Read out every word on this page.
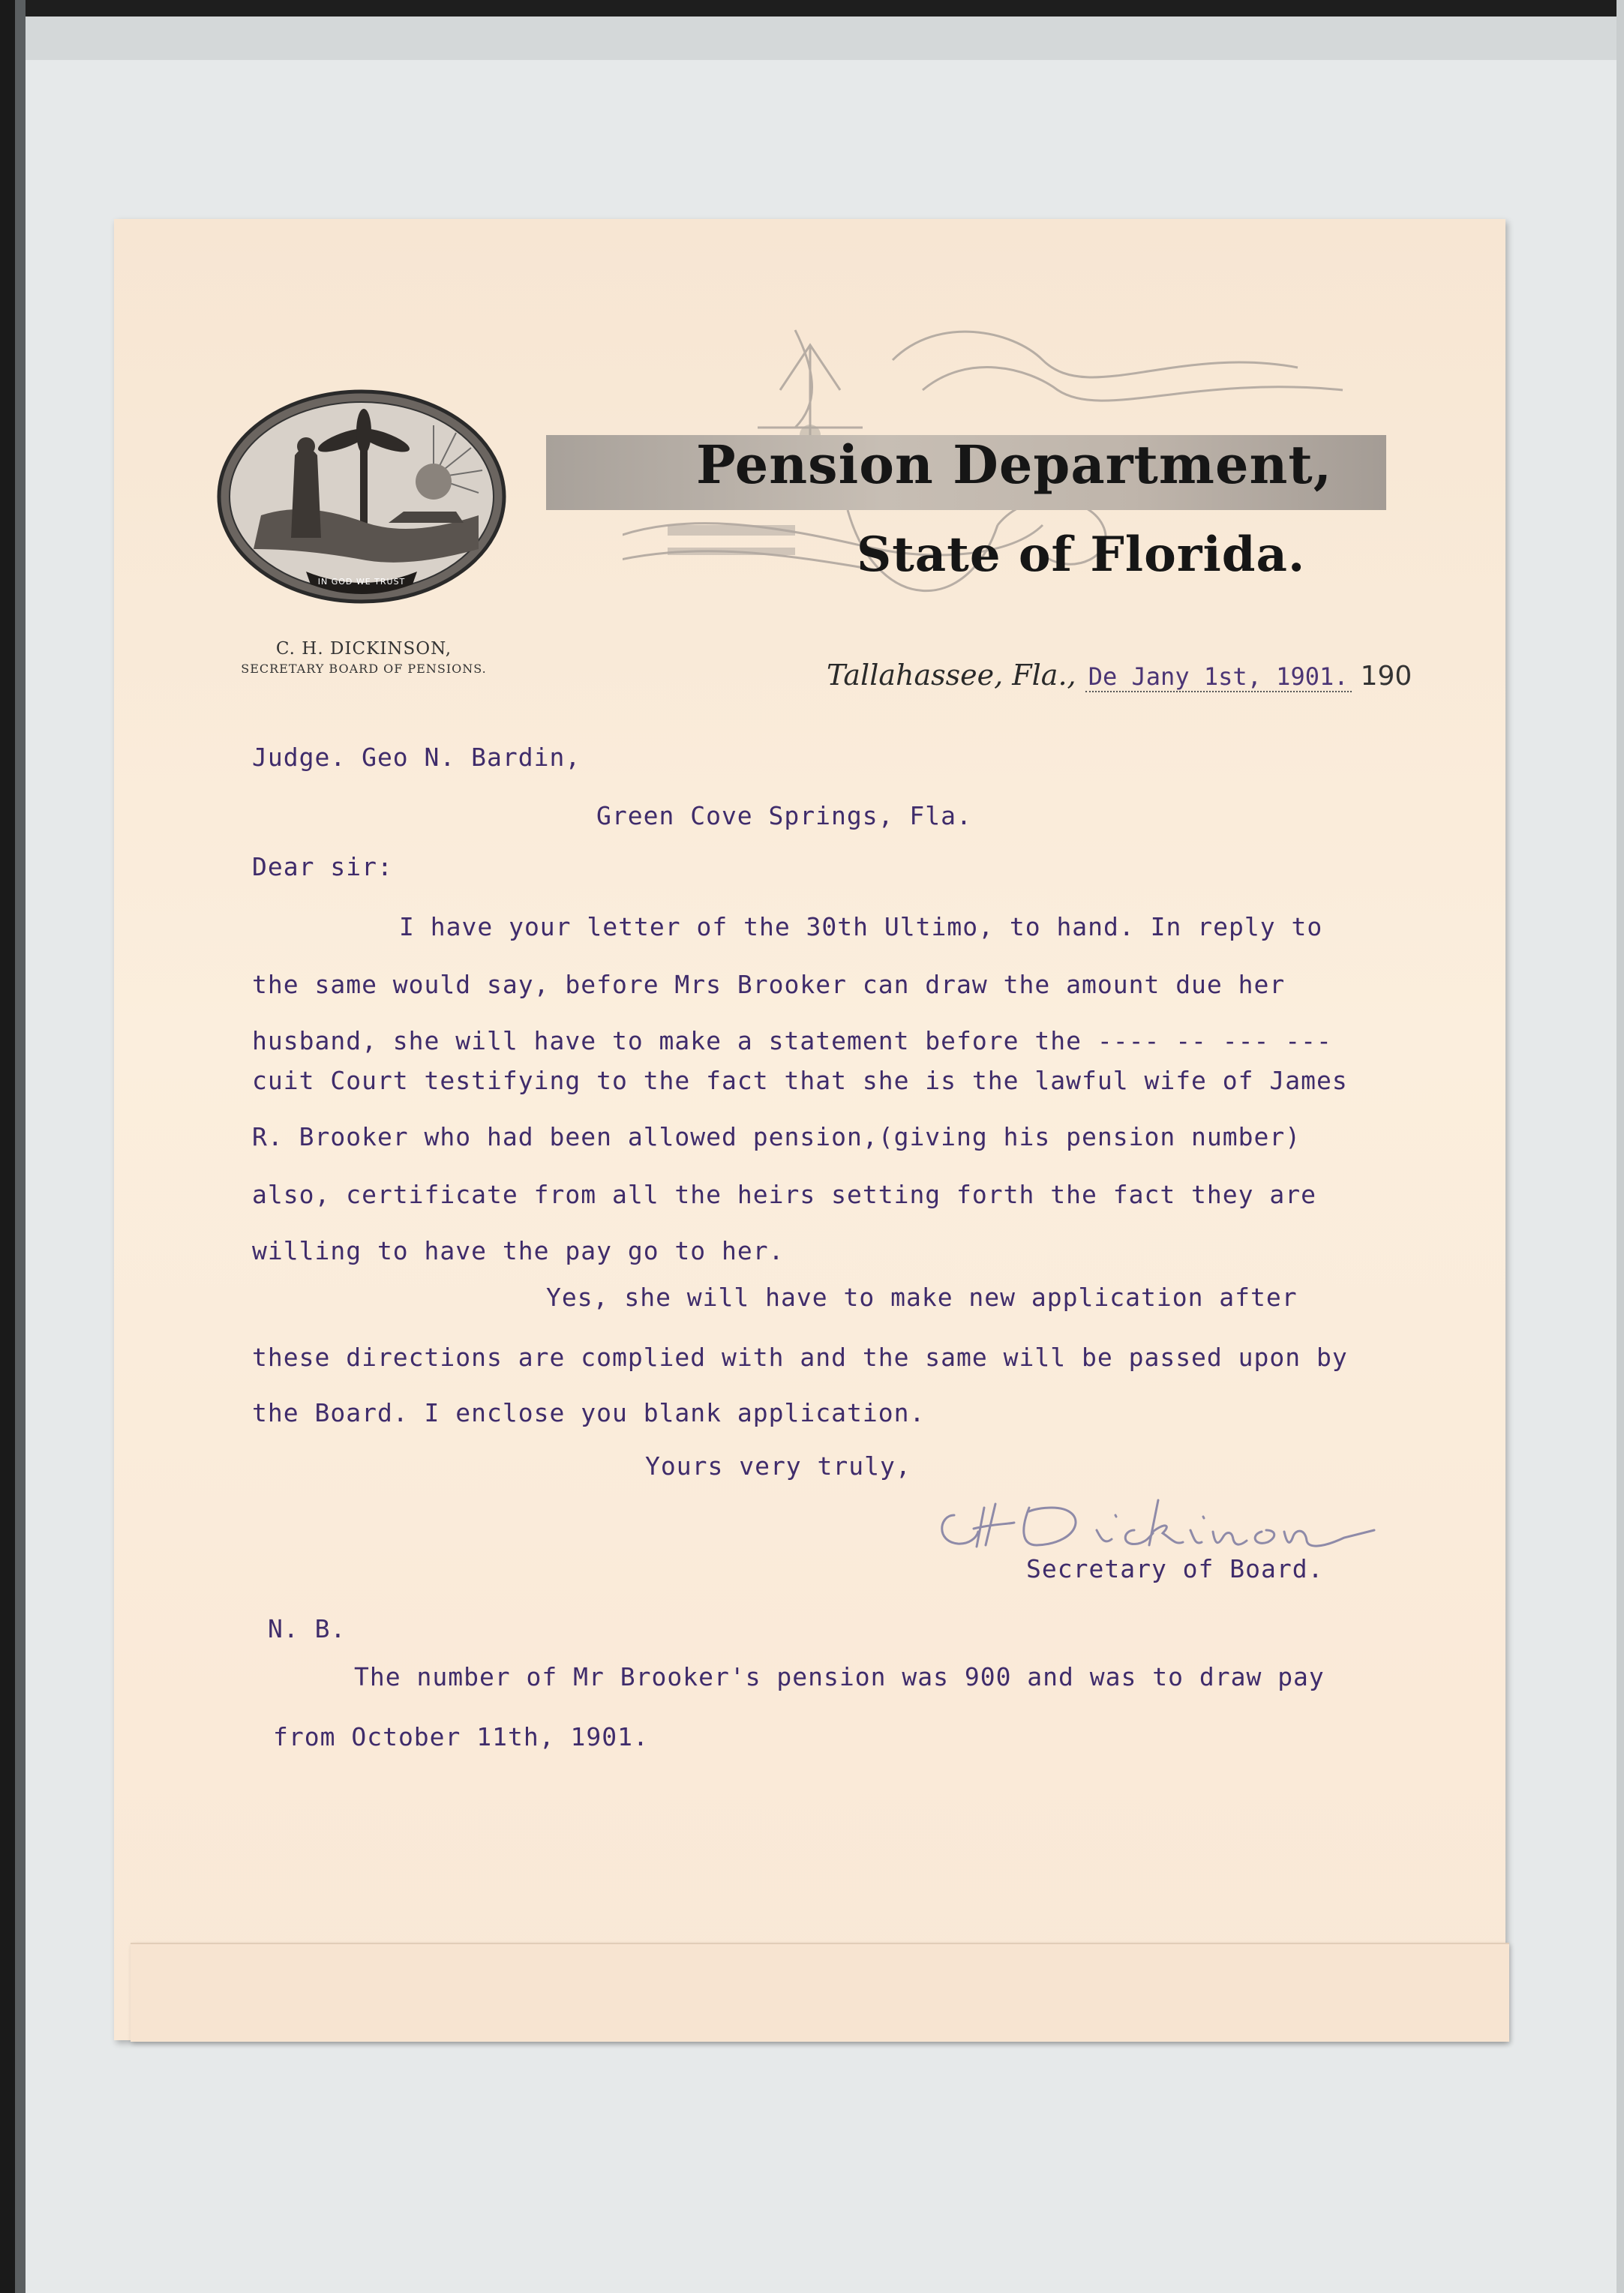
Pension Department,
State of Florida.
IN GOD WE TRUST
C. H. DICKINSON,
SECRETARY BOARD OF PENSIONS.	Tallahassee, Fla., De Jany 1st, 1901. 190
Judge. Geo N. Bardin,
Green Cove Springs, Fla.
Dear sir:
I have your letter of the 30th Ultimo, to hand. In reply to
the same would say, before Mrs Brooker can draw the amount due her
husband, she will have to make a statement before the ---- -- --- ---
cuit Court testifying to the fact that she is the lawful wife of James
R. Brooker who had been allowed pension,(giving his pension number)
also, certificate from all the heirs setting forth the fact they are
willing to have the pay go to her.
Yes, she will have to make new application after
these directions are complied with and the same will be passed upon by
the Board. I enclose you blank application.
Yours very truly,
C.H. Dickinson
Secretary of Board.
N. B.
The number of Mr Brooker's pension was 900 and was to draw pay
from October 11th, 1901.
